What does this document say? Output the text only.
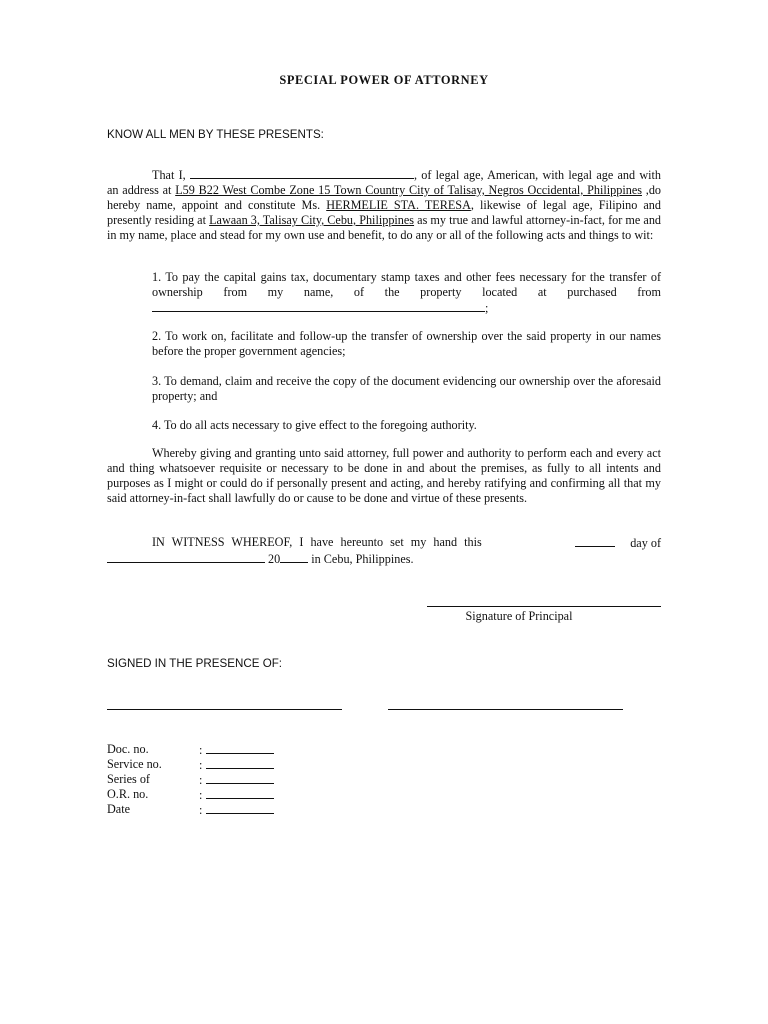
SPECIAL POWER OF ATTORNEY
KNOW ALL MEN BY THESE PRESENTS:
That I,	, of legal age, American, with legal age and with an address at L59 B22 West Combe Zone 15 Town Country City of Talisay, Negros Occidental, Philippines ,do hereby name, appoint and constitute Ms. HERMELIE STA. TERESA, likewise of legal age, Filipino and presently residing at Lawaan 3, Talisay City, Cebu, Philippines as my true and lawful attorney-in-fact, for me and in my name, place and stead for my own use and benefit, to do any or all of the following acts and things to wit:
1. To pay the capital gains tax, documentary stamp taxes and other fees necessary for the transfer of ownership from my name, of the property located at purchased from ;
2. To work on, facilitate and follow-up the transfer of ownership over the said property in our names before the proper government agencies;
3. To demand, claim and receive the copy of the document evidencing our ownership over the aforesaid property; and
4. To do all acts necessary to give effect to the foregoing authority.
Whereby giving and granting unto said attorney, full power and authority to perform each and every act and thing whatsoever requisite or necessary to be done in and about the premises, as fully to all intents and purposes as I might or could do if personally present and acting, and hereby ratifying and confirming all that my said attorney-in-fact shall lawfully do or cause to be done and virtue of these presents.
IN WITNESS WHEREOF, I have hereunto set my hand this	day of
20	in Cebu, Philippines.
Signature of Principal
SIGNED IN THE PRESENCE OF:
Doc. no.	:
Service no.	:
Series of	:
O.R. no.	:
Date	:
